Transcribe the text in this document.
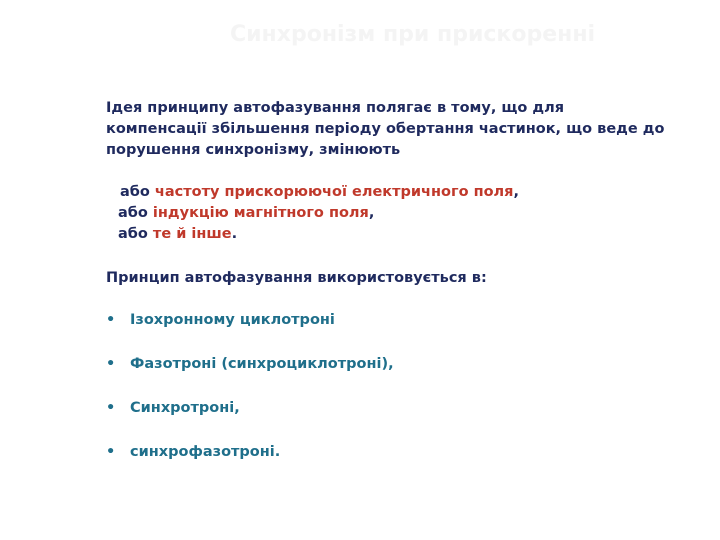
Синхронізм при прискоренні

Ідея принципу автофазування полягає в тому, що для компенсації збільшення періоду обертання частинок, що веде до порушення синхронізму, змінюють

або частоту прискорюючої електричного поля,

або індукцію магнітного поля,

або те й інше.

Принцип автофазування використовується в:

• Ізохронному циклотроні
• Фазотроні (синхроциклотроні),
• Синхротроні,
• синхрофазотроні.
